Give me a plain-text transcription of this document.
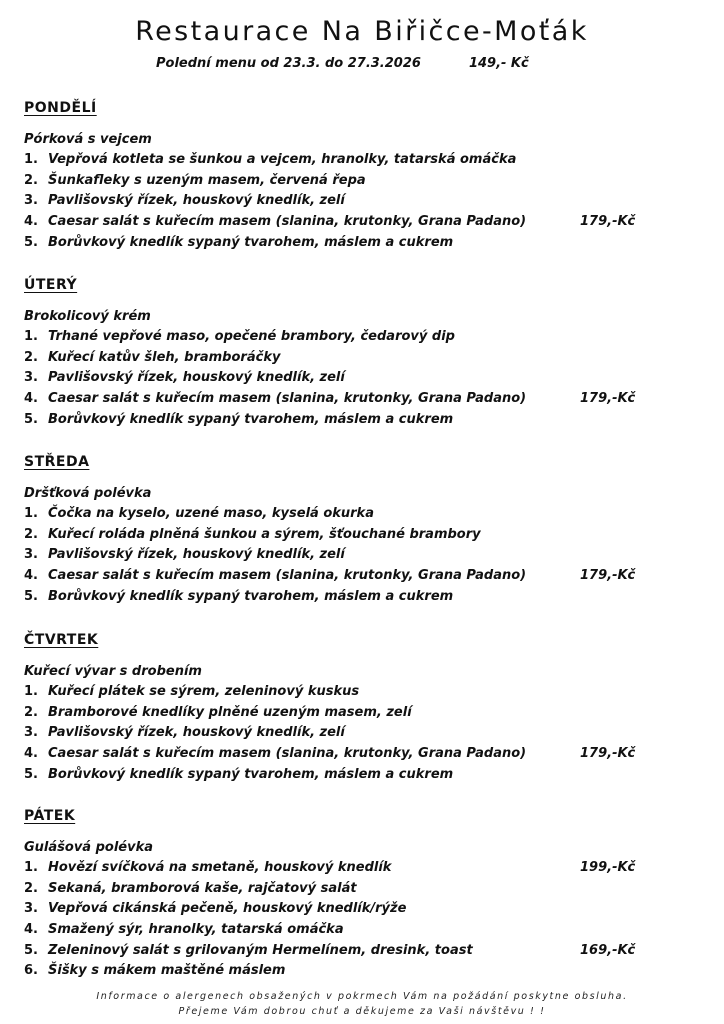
Restaurace Na Biřičce-Moťák
Polední menu od 23.3. do 27.3.2026	149,- Kč
PONDĚLÍ
Pórková s vejcem
1. Vepřová kotleta se šunkou a vejcem, hranolky, tatarská omáčka
2. Šunkafleky s uzeným masem, červená řepa
3. Pavlišovský řízek, houskový knedlík, zelí
4. Caesar salát s kuřecím masem (slanina, krutonky, Grana Padano)	179,-Kč
5. Borůvkový knedlík sypaný tvarohem, máslem a cukrem
ÚTERÝ
Brokolicový krém
1. Trhané vepřové maso, opečené brambory, čedarový dip
2. Kuřecí katův šleh, bramboráčky
3. Pavlišovský řízek, houskový knedlík, zelí
4. Caesar salát s kuřecím masem (slanina, krutonky, Grana Padano)	179,-Kč
5. Borůvkový knedlík sypaný tvarohem, máslem a cukrem
STŘEDA
Dršťková polévka
1. Čočka na kyselo, uzené maso, kyselá okurka
2. Kuřecí roláda plněná šunkou a sýrem, šťouchané brambory
3. Pavlišovský řízek, houskový knedlík, zelí
4. Caesar salát s kuřecím masem (slanina, krutonky, Grana Padano)	179,-Kč
5. Borůvkový knedlík sypaný tvarohem, máslem a cukrem
ČTVRTEK
Kuřecí vývar s drobením
1. Kuřecí plátek se sýrem, zeleninový kuskus
2. Bramborové knedlíky plněné uzeným masem, zelí
3. Pavlišovský řízek, houskový knedlík, zelí
4. Caesar salát s kuřecím masem (slanina, krutonky, Grana Padano)	179,-Kč
5. Borůvkový knedlík sypaný tvarohem, máslem a cukrem
PÁTEK
Gulášová polévka
1. Hovězí svíčková na smetaně, houskový knedlík	199,-Kč
2. Sekaná, bramborová kaše, rajčatový salát
3. Vepřová cikánská pečeně, houskový knedlík/rýže
4. Smažený sýr, hranolky, tatarská omáčka
5. Zeleninový salát s grilovaným Hermelínem, dresink, toast	169,-Kč
6. Šišky s mákem maštěné máslem
Informace o alergenech obsažených v pokrmech Vám na požádání poskytne obsluha.
Přejeme Vám dobrou chuť a děkujeme za Vaši návštěvu ! !
